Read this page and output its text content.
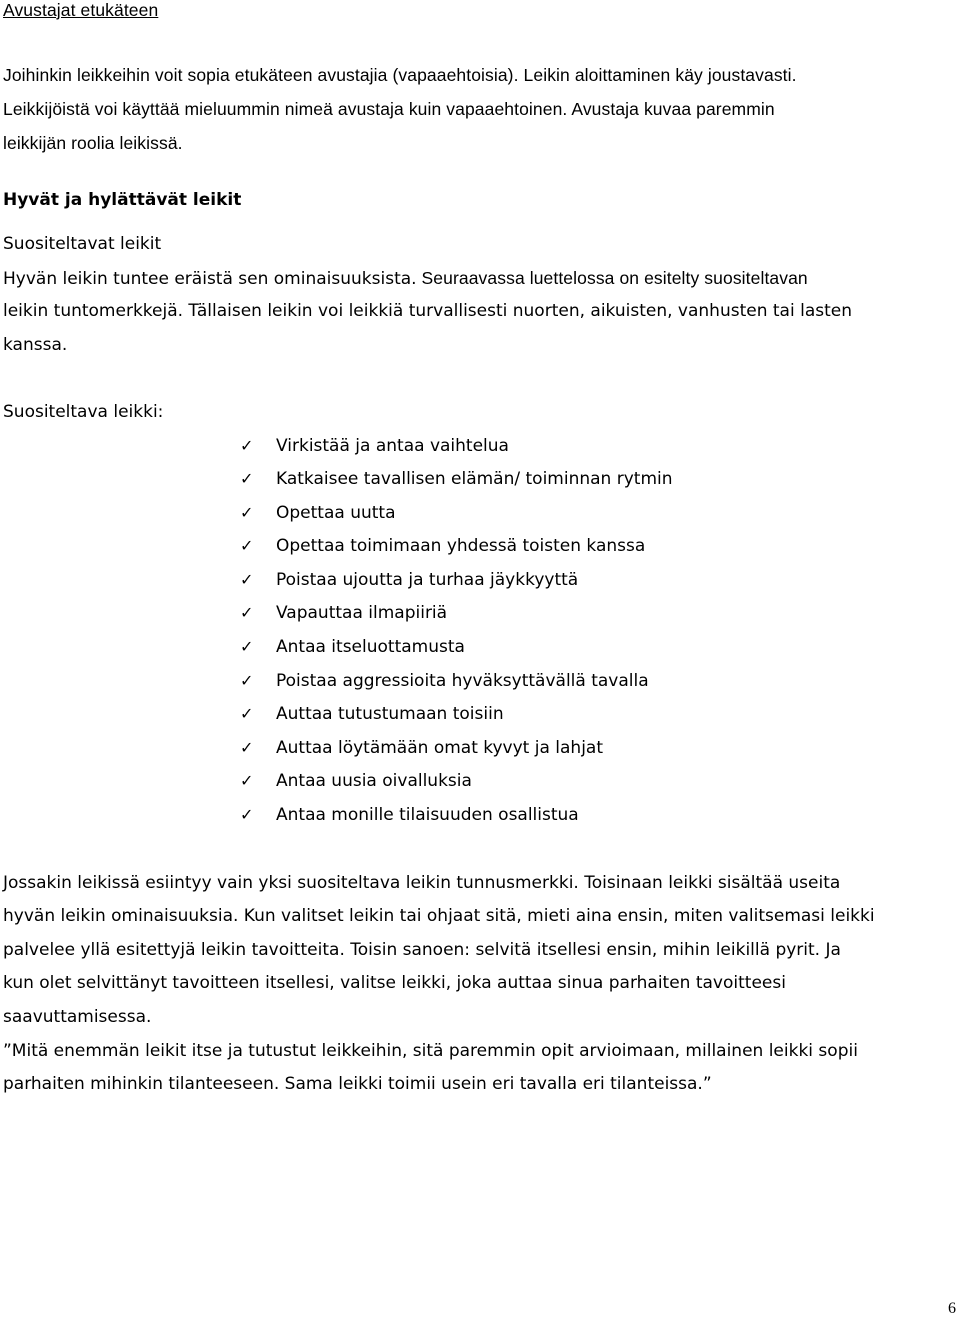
Avustajat etukäteen
Joihinkin leikkeihin voit sopia etukäteen avustajia (vapaaehtoisia). Leikin aloittaminen käy joustavasti.
Leikkijöistä voi käyttää mieluummin nimeä avustaja kuin vapaaehtoinen. Avustaja kuvaa paremmin
leikkijän roolia leikissä.
Hyvät ja hylättävät leikit
Suositeltavat leikit
Hyvän leikin tuntee eräistä sen ominaisuuksista. Seuraavassa luettelossa on esitelty suositeltavan
leikin tuntomerkkejä. Tällaisen leikin voi leikkiä turvallisesti nuorten, aikuisten, vanhusten tai lasten
kanssa.
Suositeltava leikki:
✓ Virkistää ja antaa vaihtelua
✓ Katkaisee tavallisen elämän/ toiminnan rytmin
✓ Opettaa uutta
✓ Opettaa toimimaan yhdessä toisten kanssa
✓ Poistaa ujoutta ja turhaa jäykkyyttä
✓ Vapauttaa ilmapiiriä
✓ Antaa itseluottamusta
✓ Poistaa aggressioita hyväksyttävällä tavalla
✓ Auttaa tutustumaan toisiin
✓ Auttaa löytämään omat kyvyt ja lahjat
✓ Antaa uusia oivalluksia
✓ Antaa monille tilaisuuden osallistua
Jossakin leikissä esiintyy vain yksi suositeltava leikin tunnusmerkki. Toisinaan leikki sisältää useita
hyvän leikin ominaisuuksia. Kun valitset leikin tai ohjaat sitä, mieti aina ensin, miten valitsemasi leikki
palvelee yllä esitettyjä leikin tavoitteita. Toisin sanoen: selvitä itsellesi ensin, mihin leikillä pyrit. Ja
kun olet selvittänyt tavoitteen itsellesi, valitse leikki, joka auttaa sinua parhaiten tavoitteesi
saavuttamisessa.
”Mitä enemmän leikit itse ja tutustut leikkeihin, sitä paremmin opit arvioimaan, millainen leikki sopii
parhaiten mihinkin tilanteeseen. Sama leikki toimii usein eri tavalla eri tilanteissa.”
6
